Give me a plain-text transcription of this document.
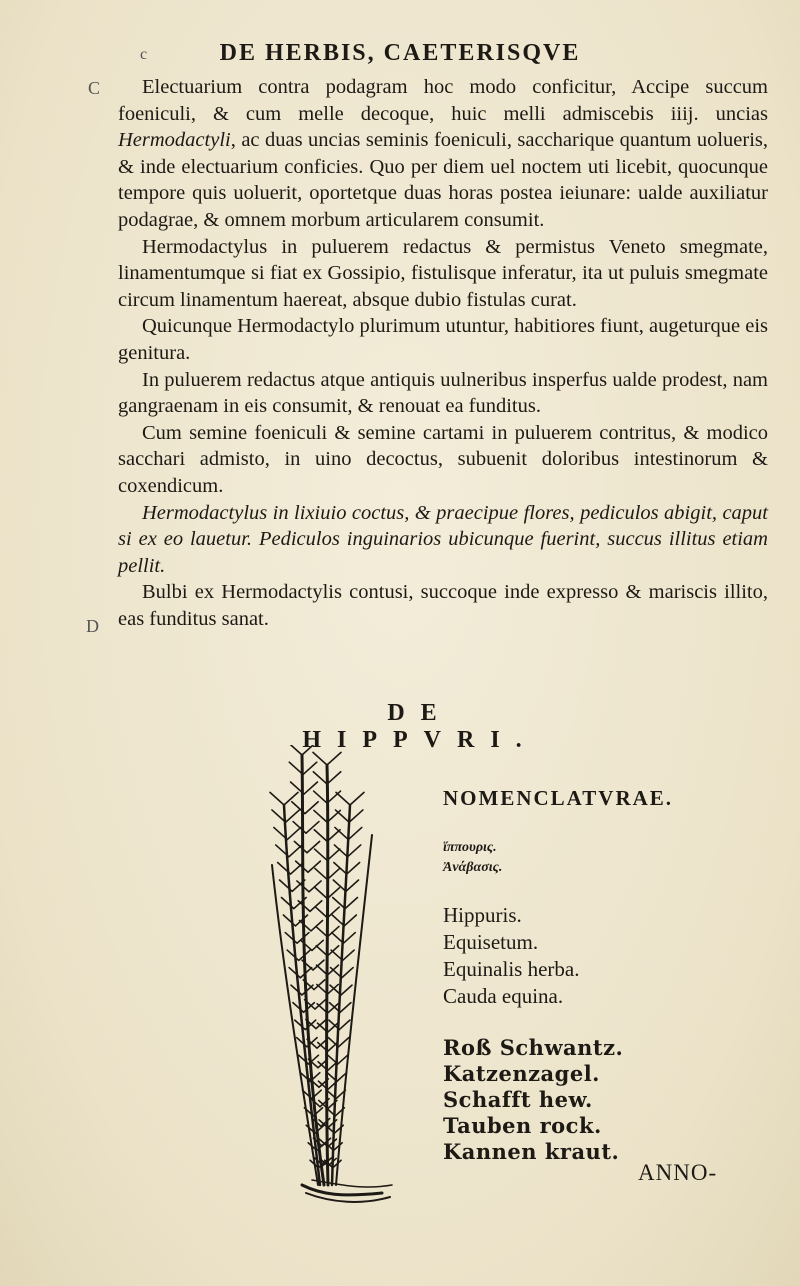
c	DE HERBIS, CAETERISQVE
C
D

Electuarium contra podagram hoc modo conficitur, Accipe succum foeniculi, & cum melle decoque, huic melli admiscebis iiij. uncias Hermodactyli, ac duas uncias seminis foeniculi, saccharique quantum uolueris, & inde electuarium conficies. Quo per diem uel noctem uti licebit, quocunque tempore quis uoluerit, oportetque duas horas postea ieiunare: ualde auxiliatur podagrae, & omnem morbum articularem consumit.

Hermodactylus in puluerem redactus & permistus Veneto smegmate, linamentumque si fiat ex Gossipio, fistulisque inferatur, ita ut puluis smegmate circum linamentum haereat, absque dubio fistulas curat.

Quicunque Hermodactylo plurimum utuntur, habitiores fiunt, augeturque eis genitura.

In puluerem redactus atque antiquis uulneribus insperfus ualde prodest, nam gangraenam in eis consumit, & renouat ea funditus.

Cum semine foeniculi & semine cartami in puluerem contritus, & modico sacchari admisto, in uino decoctus, subuenit doloribus intestinorum & coxendicum.

Hermodactylus in lixiuio coctus, & praecipue flores, pediculos abigit, caput si ex eo lauetur. Pediculos inguinarios ubicunque fuerint, succus illitus etiam pellit.

Bulbi ex Hermodactylis contusi, succoque inde expresso & mariscis illito, eas funditus sanat.

DE HIPPVRI.
NOMENCLATVRAE.
ἵππουρις.
Ἀνάβασις.
Hippuris.
Equisetum.
Equinalis herba.
Cauda equina.
Roß Schwantz.
Katzenzagel.
Schafft hew.
Tauben rock.
Kannen kraut.
ANNO-
